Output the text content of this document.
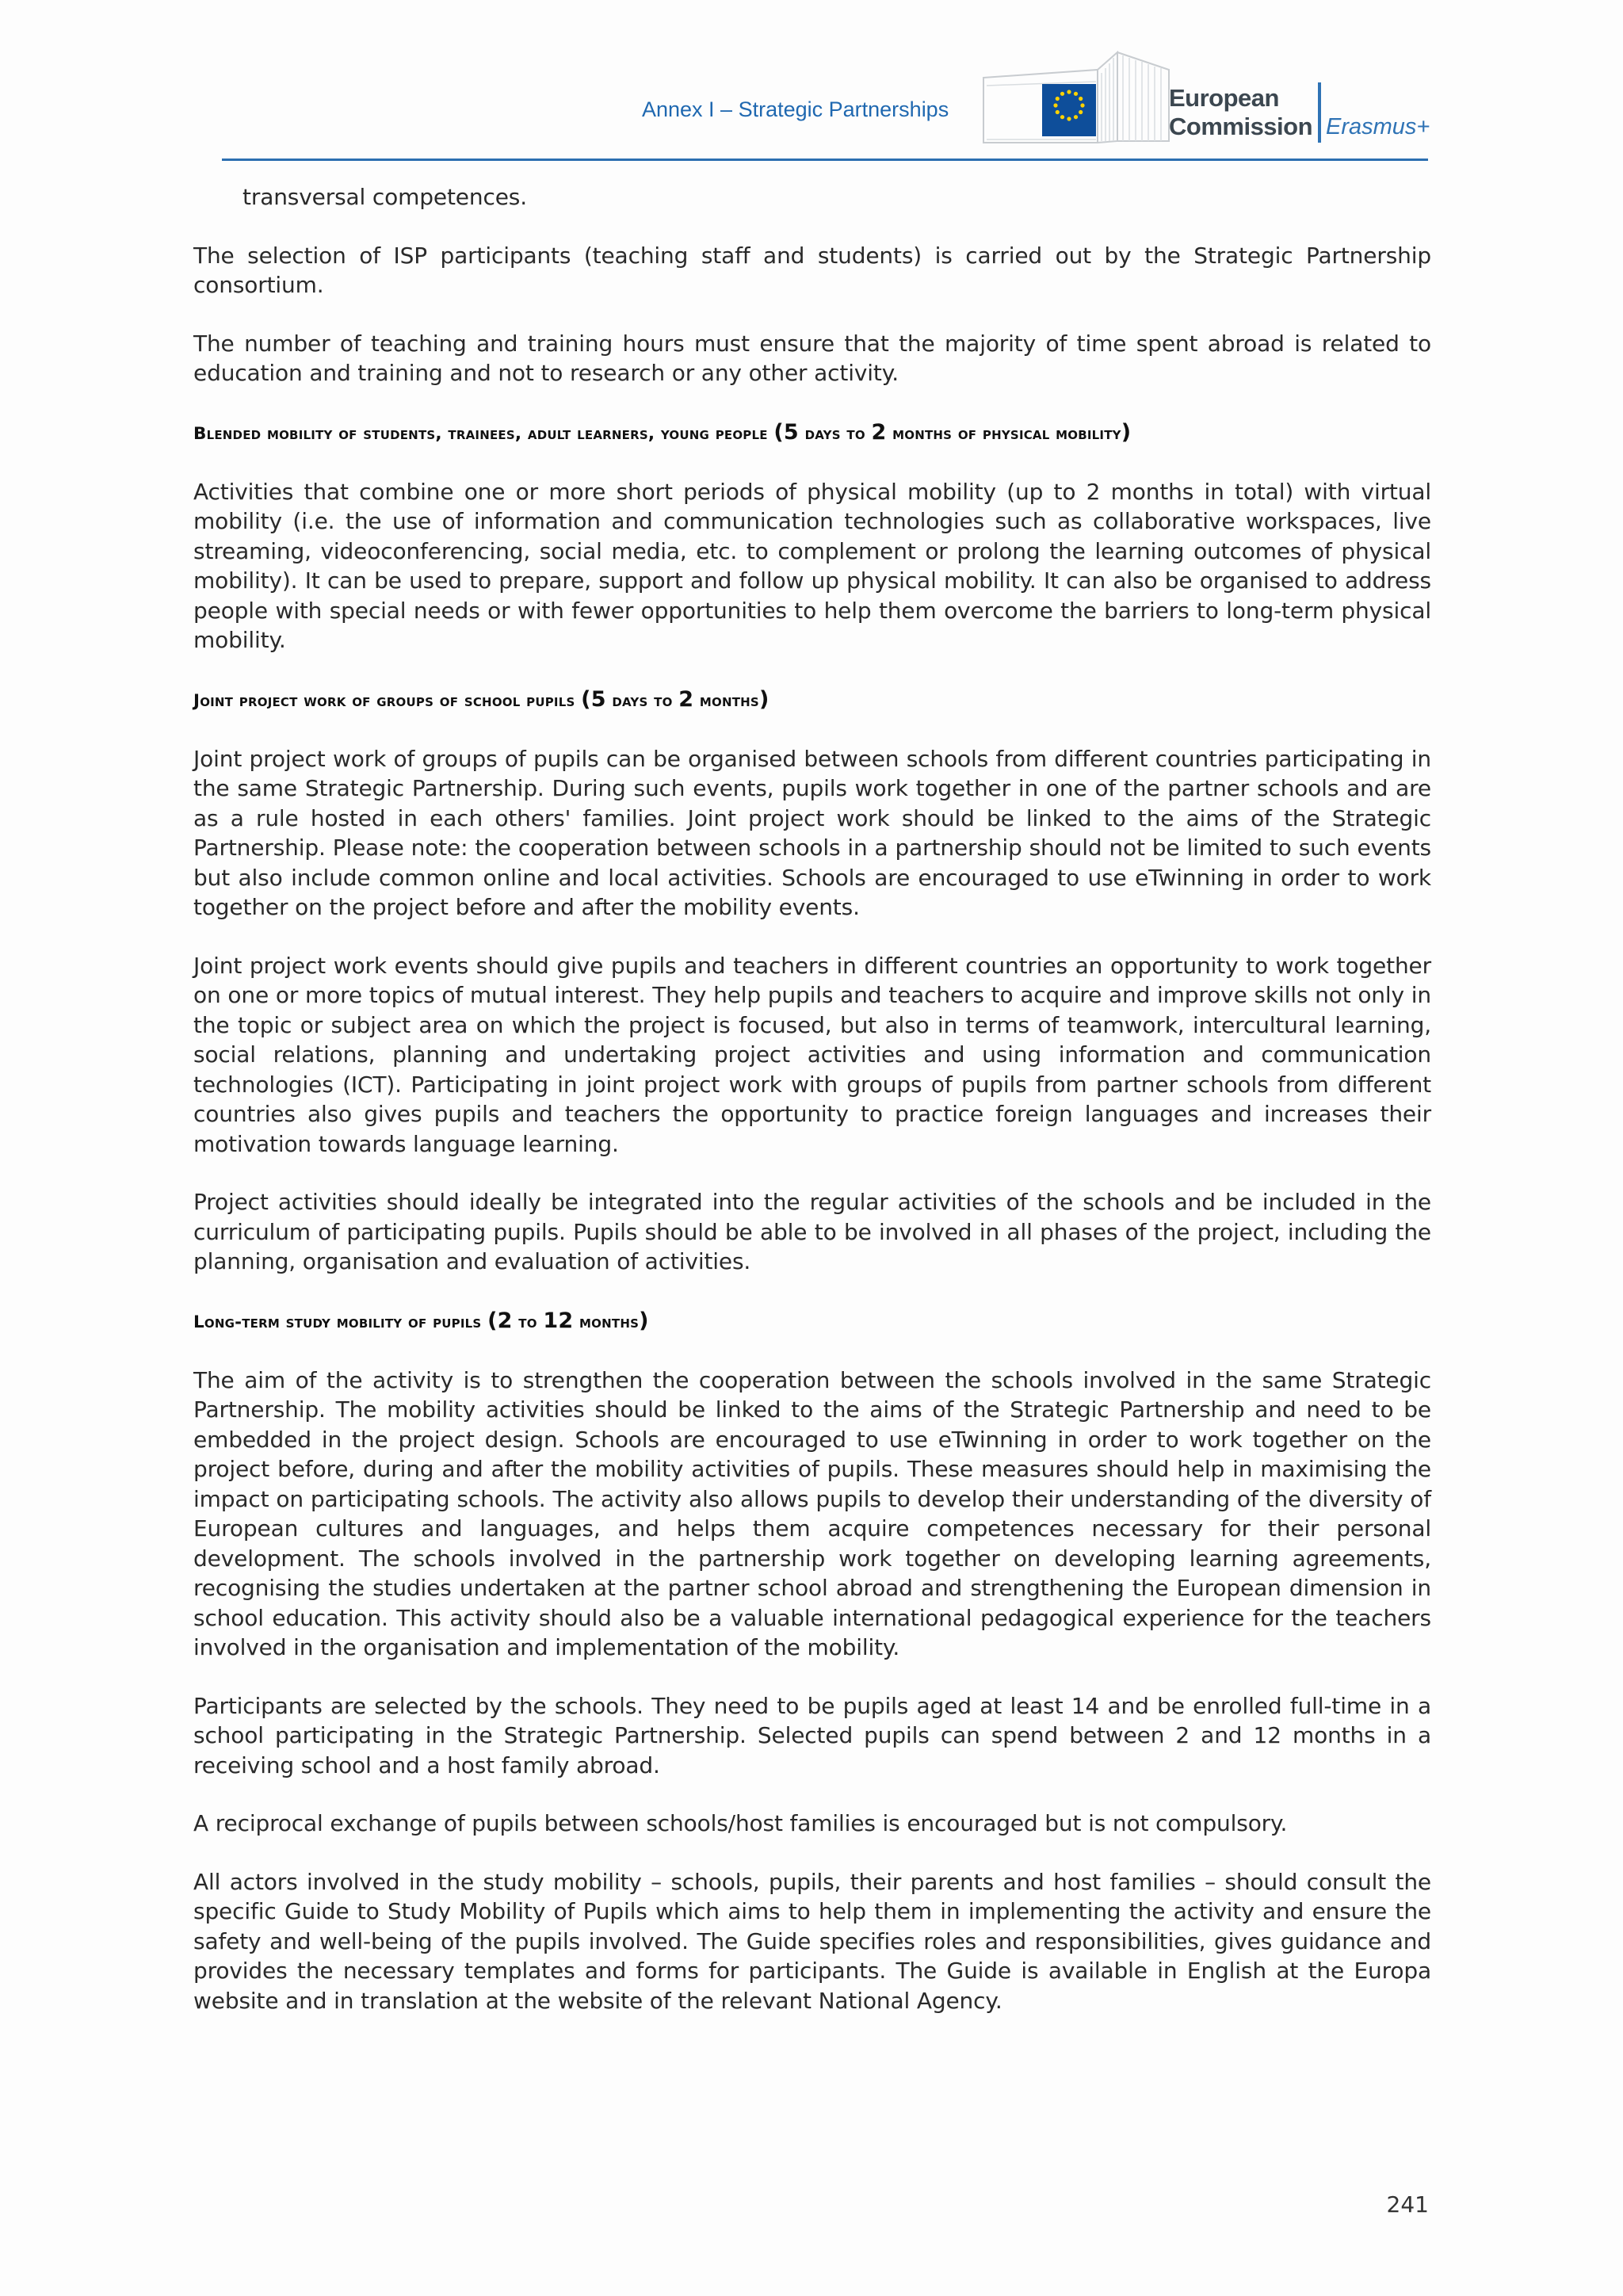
Annex I – Strategic Partnerships	European
Commission Erasmus+
transversal competences.
The selection of ISP participants (teaching staff and students) is carried out by the Strategic Partnership consortium.
The number of teaching and training hours must ensure that the majority of time spent abroad is related to education and training and not to research or any other activity.
Blended mobility of students, trainees, adult learners, young people (5 days to 2 months of physical mobility)
Activities that combine one or more short periods of physical mobility (up to 2 months in total) with virtual mobility (i.e. the use of information and communication technologies such as collaborative workspaces, live streaming, videoconferencing, social media, etc. to complement or prolong the learning outcomes of physical mobility). It can be used to prepare, support and follow up physical mobility. It can also be organised to address people with special needs or with fewer opportunities to help them overcome the barriers to long-term physical mobility.
Joint project work of groups of school pupils (5 days to 2 months)
Joint project work of groups of pupils can be organised between schools from different countries participating in the same Strategic Partnership. During such events, pupils work together in one of the partner schools and are as a rule hosted in each others' families. Joint project work should be linked to the aims of the Strategic Partnership. Please note: the cooperation between schools in a partnership should not be limited to such events but also include common online and local activities. Schools are encouraged to use eTwinning in order to work together on the project before and after the mobility events.
Joint project work events should give pupils and teachers in different countries an opportunity to work together on one or more topics of mutual interest. They help pupils and teachers to acquire and improve skills not only in the topic or subject area on which the project is focused, but also in terms of teamwork, intercultural learning, social relations, planning and undertaking project activities and using information and communication technologies (ICT). Participating in joint project work with groups of pupils from partner schools from different countries also gives pupils and teachers the opportunity to practice foreign languages and increases their motivation towards language learning.
Project activities should ideally be integrated into the regular activities of the schools and be included in the curriculum of participating pupils. Pupils should be able to be involved in all phases of the project, including the planning, organisation and evaluation of activities.
Long-term study mobility of pupils (2 to 12 months)
The aim of the activity is to strengthen the cooperation between the schools involved in the same Strategic Partnership. The mobility activities should be linked to the aims of the Strategic Partnership and need to be embedded in the project design. Schools are encouraged to use eTwinning in order to work together on the project before, during and after the mobility activities of pupils. These measures should help in maximising the impact on participating schools. The activity also allows pupils to develop their understanding of the diversity of European cultures and languages, and helps them acquire competences necessary for their personal development. The schools involved in the partnership work together on developing learning agreements, recognising the studies undertaken at the partner school abroad and strengthening the European dimension in school education. This activity should also be a valuable international pedagogical experience for the teachers involved in the organisation and implementation of the mobility.
Participants are selected by the schools. They need to be pupils aged at least 14 and be enrolled full-time in a school participating in the Strategic Partnership. Selected pupils can spend between 2 and 12 months in a receiving school and a host family abroad.
A reciprocal exchange of pupils between schools/host families is encouraged but is not compulsory.
All actors involved in the study mobility – schools, pupils, their parents and host families – should consult the specific Guide to Study Mobility of Pupils which aims to help them in implementing the activity and ensure the safety and well-being of the pupils involved. The Guide specifies roles and responsibilities, gives guidance and provides the necessary templates and forms for participants. The Guide is available in English at the Europa website and in translation at the website of the relevant National Agency.
241
